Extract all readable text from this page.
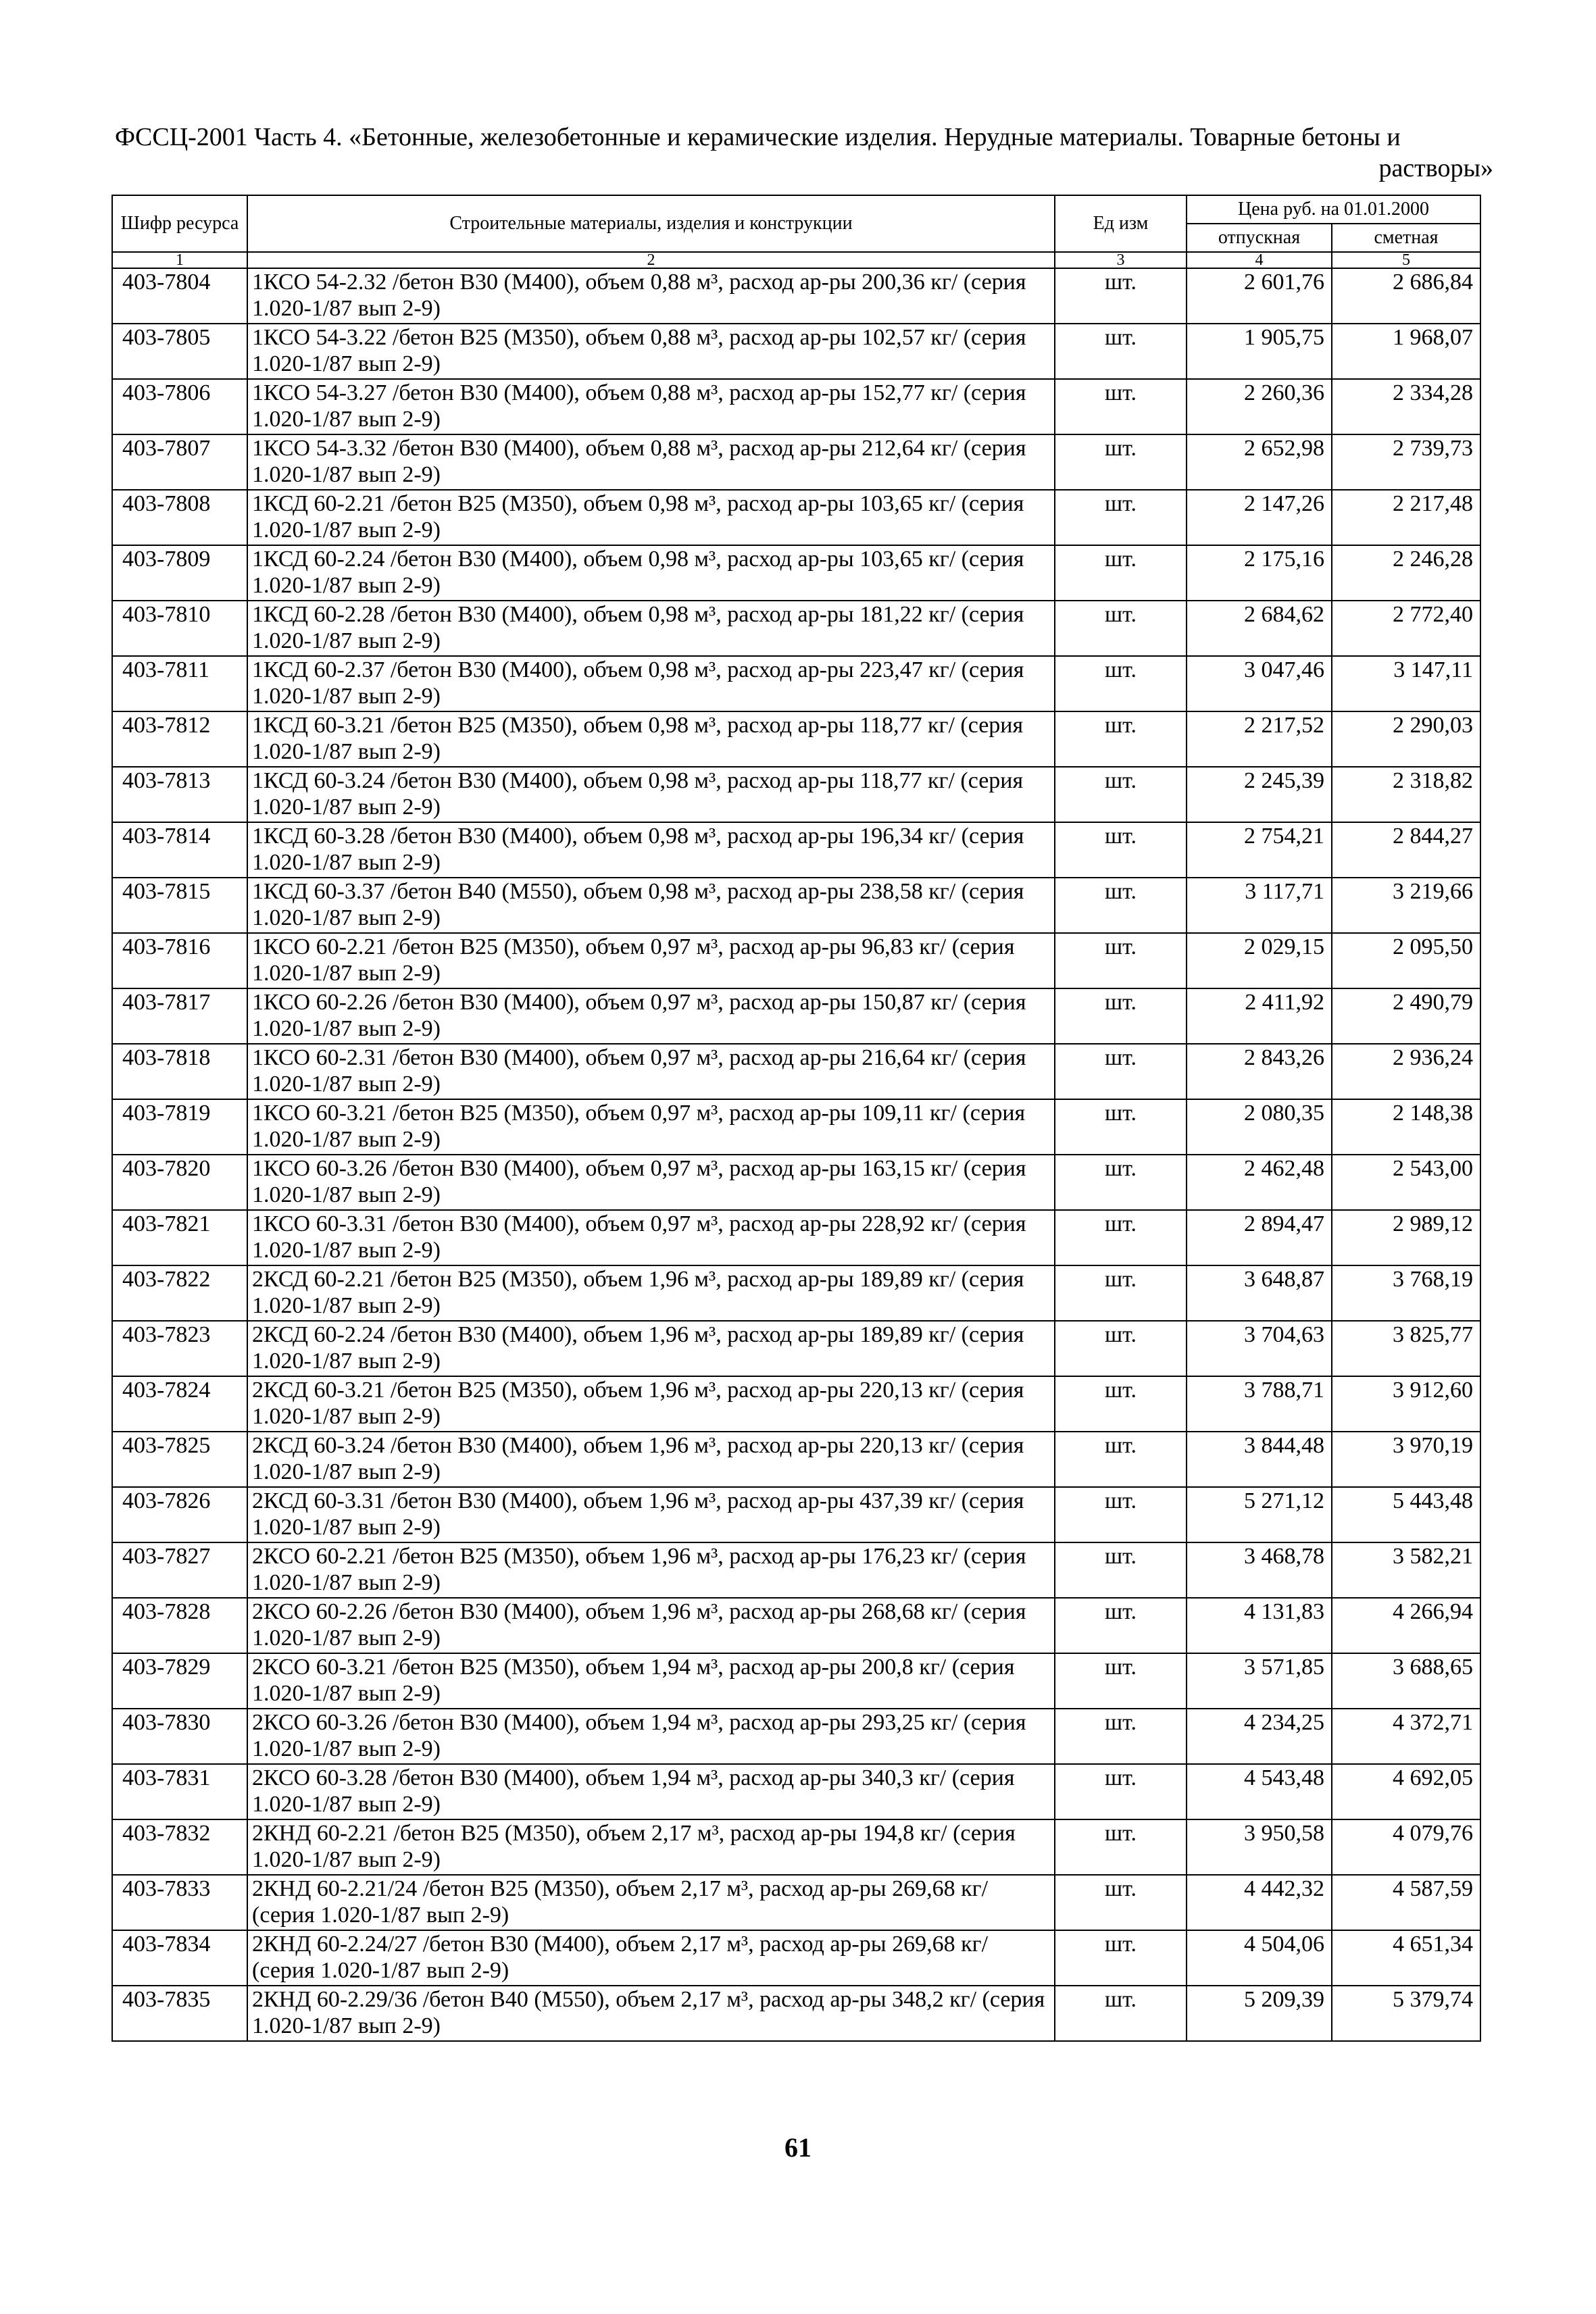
ФССЦ-2001 Часть 4. «Бетонные, железобетонные и керамические изделия. Нерудные материалы. Товарные бетоны и
растворы»
Шифр ресурса	Строительные материалы, изделия и конструкции	Ед изм	Цена руб. на 01.01.2000	
			отпускная	сметная
1	2	3	4	5
403-7804	1КСО 54-2.32 /бетон В30 (М400), объем 0,88 м³, расход ар-ры 200,36 кг/ (серия 1.020-1/87 вып 2-9)	шт.	2 601,76	2 686,84
403-7805	1КСО 54-3.22 /бетон В25 (М350), объем 0,88 м³, расход ар-ры 102,57 кг/ (серия 1.020-1/87 вып 2-9)	шт.	1 905,75	1 968,07
403-7806	1КСО 54-3.27 /бетон В30 (М400), объем 0,88 м³, расход ар-ры 152,77 кг/ (серия 1.020-1/87 вып 2-9)	шт.	2 260,36	2 334,28
403-7807	1КСО 54-3.32 /бетон В30 (М400), объем 0,88 м³, расход ар-ры 212,64 кг/ (серия 1.020-1/87 вып 2-9)	шт.	2 652,98	2 739,73
403-7808	1КСД 60-2.21 /бетон В25 (М350), объем 0,98 м³, расход ар-ры 103,65 кг/ (серия 1.020-1/87 вып 2-9)	шт.	2 147,26	2 217,48
403-7809	1КСД 60-2.24 /бетон В30 (М400), объем 0,98 м³, расход ар-ры 103,65 кг/ (серия 1.020-1/87 вып 2-9)	шт.	2 175,16	2 246,28
403-7810	1КСД 60-2.28 /бетон В30 (М400), объем 0,98 м³, расход ар-ры 181,22 кг/ (серия 1.020-1/87 вып 2-9)	шт.	2 684,62	2 772,40
403-7811	1КСД 60-2.37 /бетон В30 (М400), объем 0,98 м³, расход ар-ры 223,47 кг/ (серия 1.020-1/87 вып 2-9)	шт.	3 047,46	3 147,11
403-7812	1КСД 60-3.21 /бетон В25 (М350), объем 0,98 м³, расход ар-ры 118,77 кг/ (серия 1.020-1/87 вып 2-9)	шт.	2 217,52	2 290,03
403-7813	1КСД 60-3.24 /бетон В30 (М400), объем 0,98 м³, расход ар-ры 118,77 кг/ (серия 1.020-1/87 вып 2-9)	шт.	2 245,39	2 318,82
403-7814	1КСД 60-3.28 /бетон В30 (М400), объем 0,98 м³, расход ар-ры 196,34 кг/ (серия 1.020-1/87 вып 2-9)	шт.	2 754,21	2 844,27
403-7815	1КСД 60-3.37 /бетон В40 (М550), объем 0,98 м³, расход ар-ры 238,58 кг/ (серия 1.020-1/87 вып 2-9)	шт.	3 117,71	3 219,66
403-7816	1КСО 60-2.21 /бетон В25 (М350), объем 0,97 м³, расход ар-ры 96,83 кг/ (серия 1.020-1/87 вып 2-9)	шт.	2 029,15	2 095,50
403-7817	1КСО 60-2.26 /бетон В30 (М400), объем 0,97 м³, расход ар-ры 150,87 кг/ (серия 1.020-1/87 вып 2-9)	шт.	2 411,92	2 490,79
403-7818	1КСО 60-2.31 /бетон В30 (М400), объем 0,97 м³, расход ар-ры 216,64 кг/ (серия 1.020-1/87 вып 2-9)	шт.	2 843,26	2 936,24
403-7819	1КСО 60-3.21 /бетон В25 (М350), объем 0,97 м³, расход ар-ры 109,11 кг/ (серия 1.020-1/87 вып 2-9)	шт.	2 080,35	2 148,38
403-7820	1КСО 60-3.26 /бетон В30 (М400), объем 0,97 м³, расход ар-ры 163,15 кг/ (серия 1.020-1/87 вып 2-9)	шт.	2 462,48	2 543,00
403-7821	1КСО 60-3.31 /бетон В30 (М400), объем 0,97 м³, расход ар-ры 228,92 кг/ (серия 1.020-1/87 вып 2-9)	шт.	2 894,47	2 989,12
403-7822	2КСД 60-2.21 /бетон В25 (М350), объем 1,96 м³, расход ар-ры 189,89 кг/ (серия 1.020-1/87 вып 2-9)	шт.	3 648,87	3 768,19
403-7823	2КСД 60-2.24 /бетон В30 (М400), объем 1,96 м³, расход ар-ры 189,89 кг/ (серия 1.020-1/87 вып 2-9)	шт.	3 704,63	3 825,77
403-7824	2КСД 60-3.21 /бетон В25 (М350), объем 1,96 м³, расход ар-ры 220,13 кг/ (серия 1.020-1/87 вып 2-9)	шт.	3 788,71	3 912,60
403-7825	2КСД 60-3.24 /бетон В30 (М400), объем 1,96 м³, расход ар-ры 220,13 кг/ (серия 1.020-1/87 вып 2-9)	шт.	3 844,48	3 970,19
403-7826	2КСД 60-3.31 /бетон В30 (М400), объем 1,96 м³, расход ар-ры 437,39 кг/ (серия 1.020-1/87 вып 2-9)	шт.	5 271,12	5 443,48
403-7827	2КСО 60-2.21 /бетон В25 (М350), объем 1,96 м³, расход ар-ры 176,23 кг/ (серия 1.020-1/87 вып 2-9)	шт.	3 468,78	3 582,21
403-7828	2КСО 60-2.26 /бетон В30 (М400), объем 1,96 м³, расход ар-ры 268,68 кг/ (серия 1.020-1/87 вып 2-9)	шт.	4 131,83	4 266,94
403-7829	2КСО 60-3.21 /бетон В25 (М350), объем 1,94 м³, расход ар-ры 200,8 кг/ (серия 1.020-1/87 вып 2-9)	шт.	3 571,85	3 688,65
403-7830	2КСО 60-3.26 /бетон В30 (М400), объем 1,94 м³, расход ар-ры 293,25 кг/ (серия 1.020-1/87 вып 2-9)	шт.	4 234,25	4 372,71
403-7831	2КСО 60-3.28 /бетон В30 (М400), объем 1,94 м³, расход ар-ры 340,3 кг/ (серия 1.020-1/87 вып 2-9)	шт.	4 543,48	4 692,05
403-7832	2КНД 60-2.21 /бетон В25 (М350), объем 2,17 м³, расход ар-ры 194,8 кг/ (серия 1.020-1/87 вып 2-9)	шт.	3 950,58	4 079,76
403-7833	2КНД 60-2.21/24 /бетон В25 (М350), объем 2,17 м³, расход ар-ры 269,68 кг/ (серия 1.020-1/87 вып 2-9)	шт.	4 442,32	4 587,59
403-7834	2КНД 60-2.24/27 /бетон В30 (М400), объем 2,17 м³, расход ар-ры 269,68 кг/ (серия 1.020-1/87 вып 2-9)	шт.	4 504,06	4 651,34
403-7835	2КНД 60-2.29/36 /бетон В40 (М550), объем 2,17 м³, расход ар-ры 348,2 кг/ (серия 1.020-1/87 вып 2-9)	шт.	5 209,39	5 379,74
61
